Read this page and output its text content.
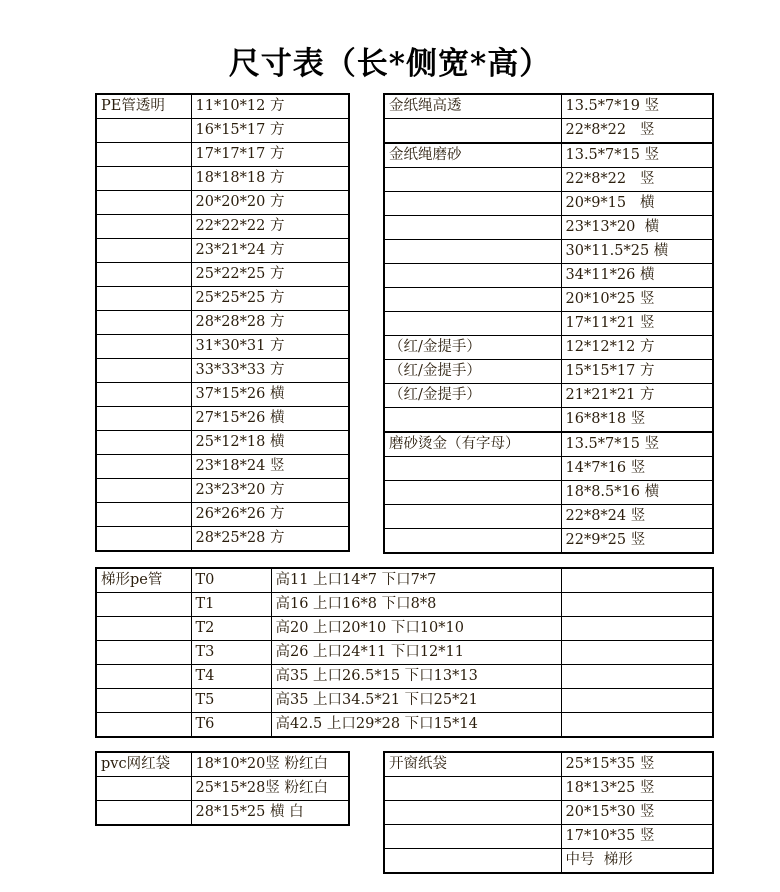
尺寸表（长*侧宽*高）
PE管透明	11*10*12 方
	16*15*17 方
	17*17*17 方
	18*18*18 方
	20*20*20 方
	22*22*22 方
	23*21*24 方
	25*22*25 方
	25*25*25 方
	28*28*28 方
	31*30*31 方
	33*33*33 方
	37*15*26 横
	27*15*26 横
	25*12*18 横
	23*18*24 竖
	23*23*20 方
	26*26*26 方
	28*25*28 方
金纸绳高透	13.5*7*19 竖
	22*8*22   竖
金纸绳磨砂	13.5*7*15 竖
	22*8*22   竖
	20*9*15   横
	23*13*20  横
	30*11.5*25 横
	34*11*26 横
	20*10*25 竖
	17*11*21 竖
（红/金提手）	12*12*12 方
（红/金提手）	15*15*17 方
（红/金提手）	21*21*21 方
	16*8*18 竖
磨砂烫金（有字母）	13.5*7*15 竖
	14*7*16 竖
	18*8.5*16 横
	22*8*24 竖
	22*9*25 竖
梯形pe管	T0	高11 上口14*7 下口7*7	
	T1	高16 上口16*8 下口8*8	
	T2	高20 上口20*10 下口10*10	
	T3	高26 上口24*11 下口12*11	
	T4	高35 上口26.5*15 下口13*13	
	T5	高35 上口34.5*21 下口25*21	
	T6	高42.5 上口29*28 下口15*14	
pvc网红袋	18*10*20竖 粉红白
	25*15*28竖 粉红白
	28*15*25 横 白
开窗纸袋	25*15*35 竖
	18*13*25 竖
	20*15*30 竖
	17*10*35 竖
	中号  梯形
